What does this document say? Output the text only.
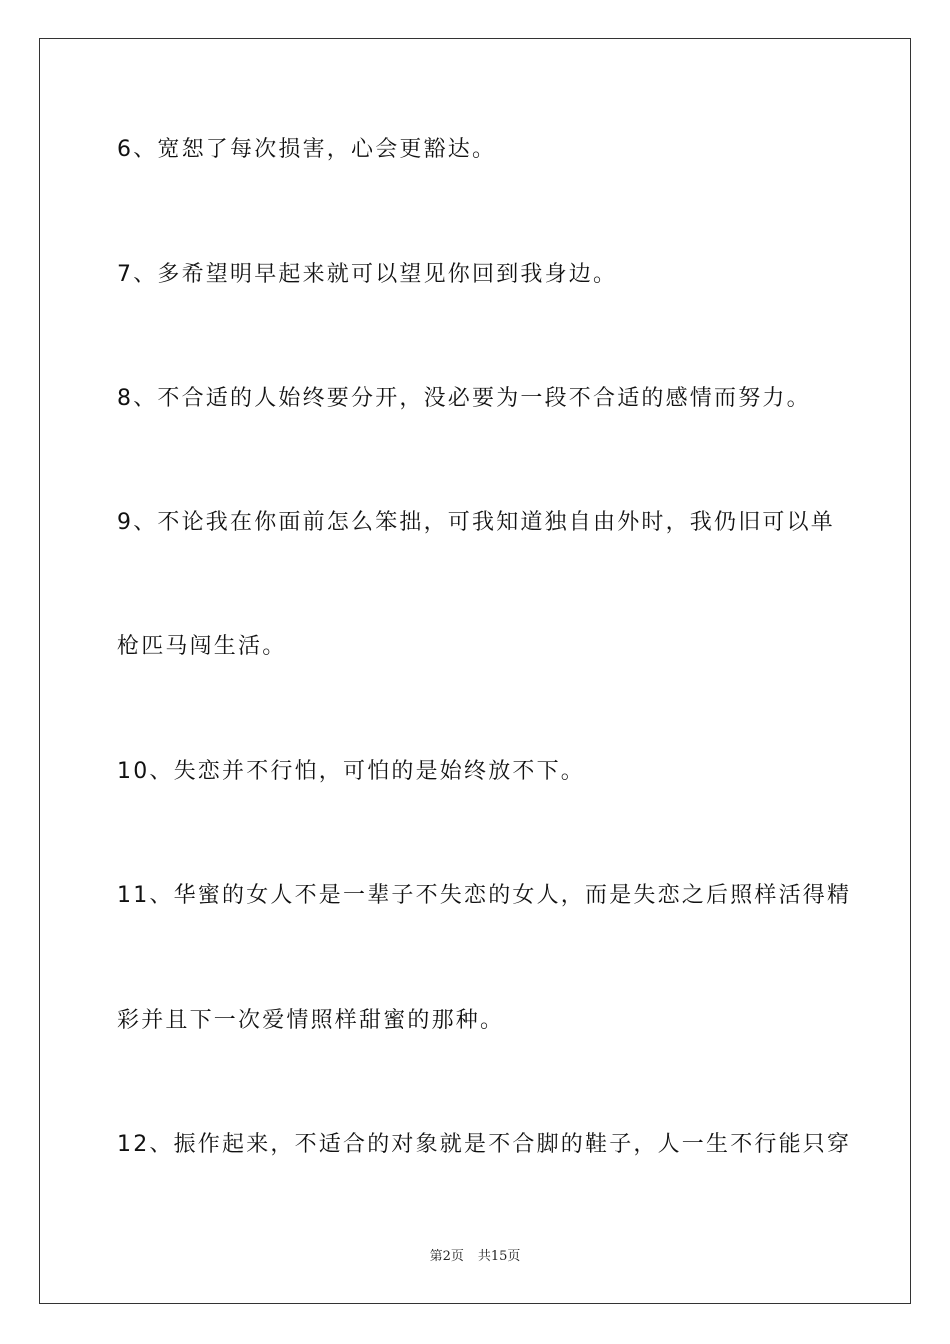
6、宽恕了每次损害，心会更豁达。
7、多希望明早起来就可以望见你回到我身边。
8、不合适的人始终要分开，没必要为一段不合适的感情而努力。
9、不论我在你面前怎么笨拙，可我知道独自由外时，我仍旧可以单
枪匹马闯生活。
10、失恋并不行怕，可怕的是始终放不下。
11、华蜜的女人不是一辈子不失恋的女人，而是失恋之后照样活得精
彩并且下一次爱情照样甜蜜的那种。
12、振作起来，不适合的对象就是不合脚的鞋子，人一生不行能只穿
第2页 共15页
